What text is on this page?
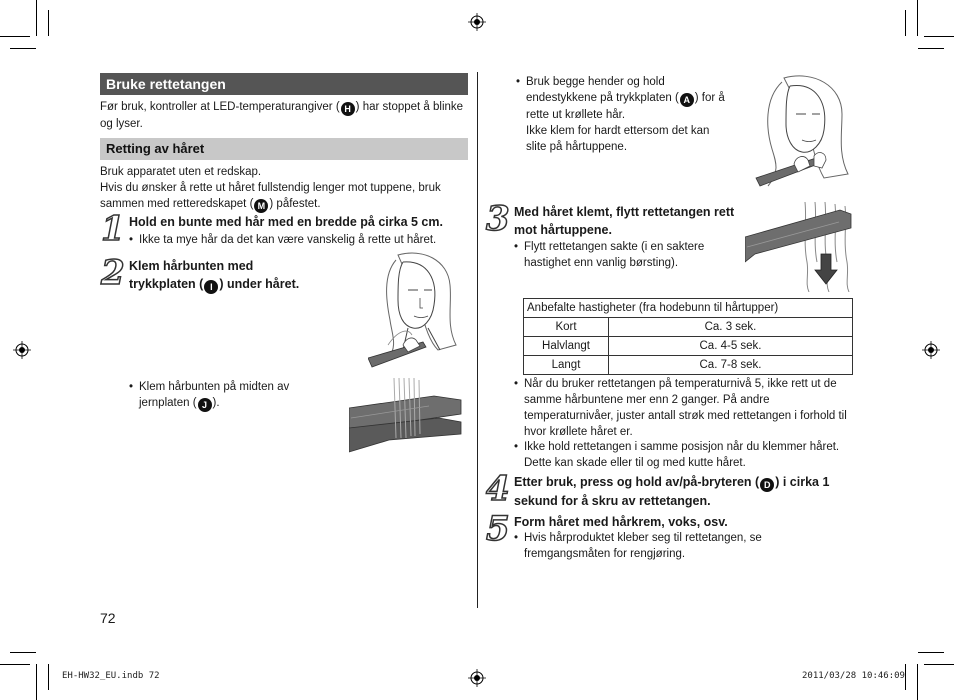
Bruke rettetangen
Før bruk, kontroller at LED-temperaturangiver ( H ) har stoppet å blinke og lyser.
Retting av håret
Bruk apparatet uten et redskap.
Hvis du ønsker å rette ut håret fullstendig lenger mot tuppene, bruk sammen med retteredskapet ( M ) påfestet.
1 Hold en bunte med hår med en bredde på cirka 5 cm.
• Ikke ta mye hår da det kan være vanskelig å rette ut håret.
2 Klem hårbunten med
trykkplaten ( I ) under håret.
• Klem hårbunten på midten av jernplaten ( J ).
72
• Bruk begge hender og hold endestykkene på trykkplaten ( A ) for å rette ut krøllete hår.
Ikke klem for hardt ettersom det kan slite på hårtuppene.
3 Med håret klemt, flytt rettetangen rett mot hårtuppene.
• Flytt rettetangen sakte (i en saktere hastighet enn vanlig børsting).
Anbefalte hastigheter (fra hodebunn til hårtupper)	
Kort	Ca. 3 sek.
Halvlangt	Ca. 4-5 sek.
Langt	Ca. 7-8 sek.
• Når du bruker rettetangen på temperaturnivå 5, ikke rett ut de samme hårbuntene mer enn 2 ganger. På andre temperaturnivåer, juster antall strøk med rettetangen i forhold til hvor krøllete håret er.
• Ikke hold rettetangen i samme posisjon når du klemmer håret. Dette kan skade eller til og med kutte håret.
4 Etter bruk, press og hold av/på-bryteren ( D ) i cirka 1 sekund for å skru av rettetangen.
5 Form håret med hårkrem, voks, osv.
• Hvis hårproduktet kleber seg til rettetangen, se fremgangsmåten for rengjøring.
EH-HW32_EU.indb 72	2011/03/28 10:46:09
